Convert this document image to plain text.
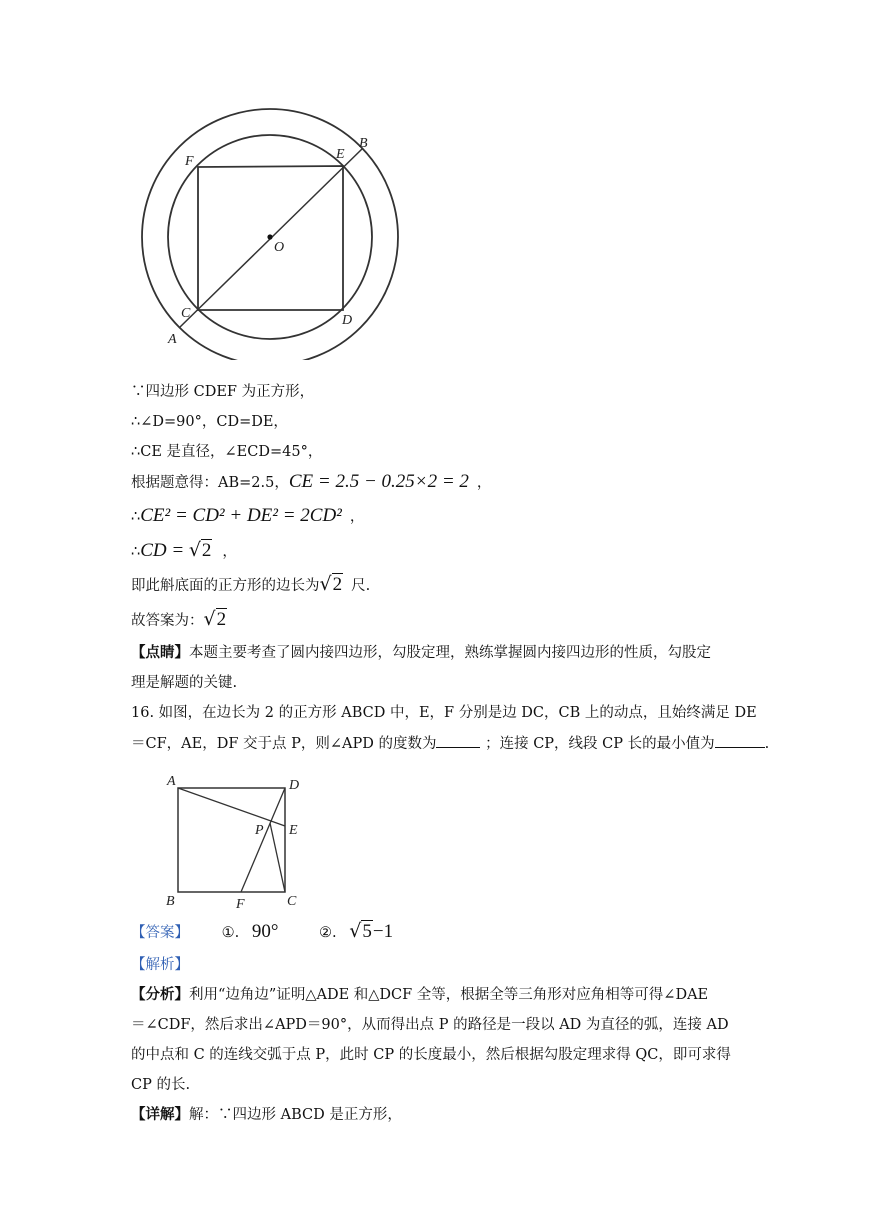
F	E
B
O
C
A
D
∵四边形 CDEF 为正方形，
∴∠D=90°，CD=DE，
∴CE 是直径，∠ECD=45°，
根据题意得：AB=2.5，CE = 2.5 − 0.25×2 = 2 ，
∴CE² = CD² + DE² = 2CD² ，
∴CD = √2 ，
即此斛底面的正方形的边长为√2 尺.
故答案为：√2
【点睛】本题主要考查了圆内接四边形，勾股定理，熟练掌握圆内接四边形的性质，勾股定
理是解题的关键.
16. 如图，在边长为 2 的正方形 ABCD 中，E，F 分别是边 DC，CB 上的动点，且始终满足 DE
＝CF，AE，DF 交于点 P，则∠APD 的度数为	；连接 CP，线段 CP 长的最小值为	.
A	D
P E
B	F	C
【答案】 ①. 90°	②. √5−1
【解析】
【分析】利用“边角边”证明△ADE 和△DCF 全等，根据全等三角形对应角相等可得∠DAE
＝∠CDF，然后求出∠APD＝90°，从而得出点 P 的路径是一段以 AD 为直径的弧，连接 AD
的中点和 C 的连线交弧于点 P，此时 CP 的长度最小，然后根据勾股定理求得 QC，即可求得
CP 的长.
【详解】解：∵四边形 ABCD 是正方形，
